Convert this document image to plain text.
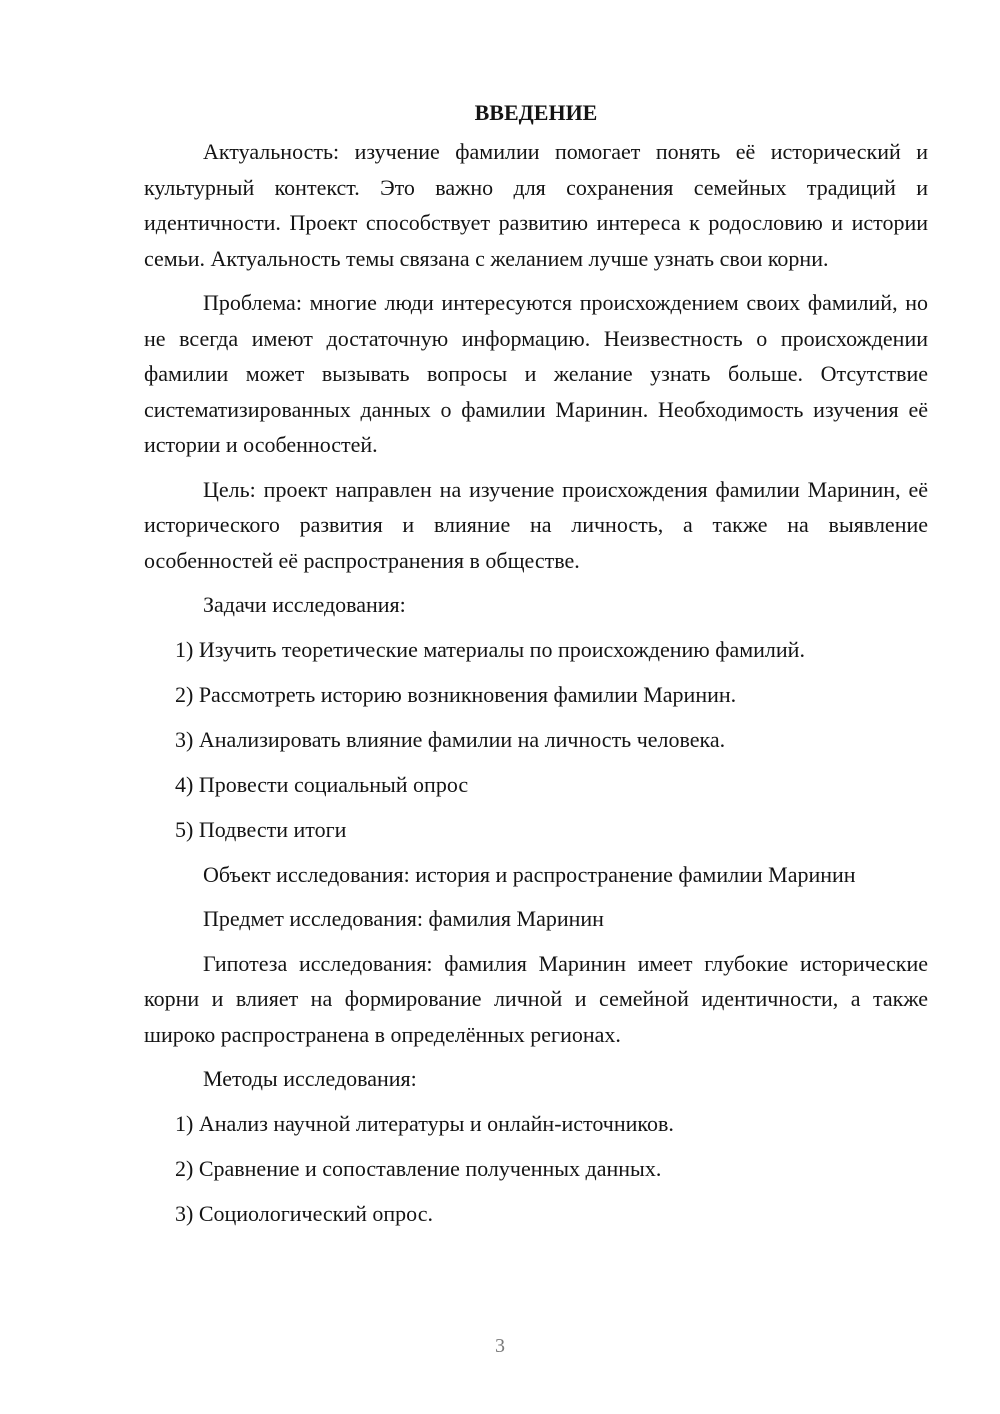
ВВЕДЕНИЕ

Актуальность: изучение фамилии помогает понять её исторический и культурный контекст. Это важно для сохранения семейных традиций и идентичности. Проект способствует развитию интереса к родословию и истории семьи. Актуальность темы связана с желанием лучше узнать свои корни.

Проблема: многие люди интересуются происхождением своих фамилий, но не всегда имеют достаточную информацию. Неизвестность о происхождении фамилии может вызывать вопросы и желание узнать больше. Отсутствие систематизированных данных о фамилии Маринин. Необходимость изучения её истории и особенностей.

Цель: проект направлен на изучение происхождения фамилии Маринин, её исторического развития и влияние на личность, а также на выявление особенностей её распространения в обществе.

Задачи исследования:

1) Изучить теоретические материалы по происхождению фамилий.

2) Рассмотреть историю возникновения фамилии Маринин.

3) Анализировать влияние фамилии на личность человека.

4) Провести социальный опрос

5) Подвести итоги

Объект исследования: история и распространение фамилии Маринин

Предмет исследования: фамилия Маринин

Гипотеза исследования: фамилия Маринин имеет глубокие исторические корни и влияет на формирование личной и семейной идентичности, а также широко распространена в определённых регионах.

Методы исследования:

1) Анализ научной литературы и онлайн-источников.

2) Сравнение и сопоставление полученных данных.

3) Социологический опрос.

3
